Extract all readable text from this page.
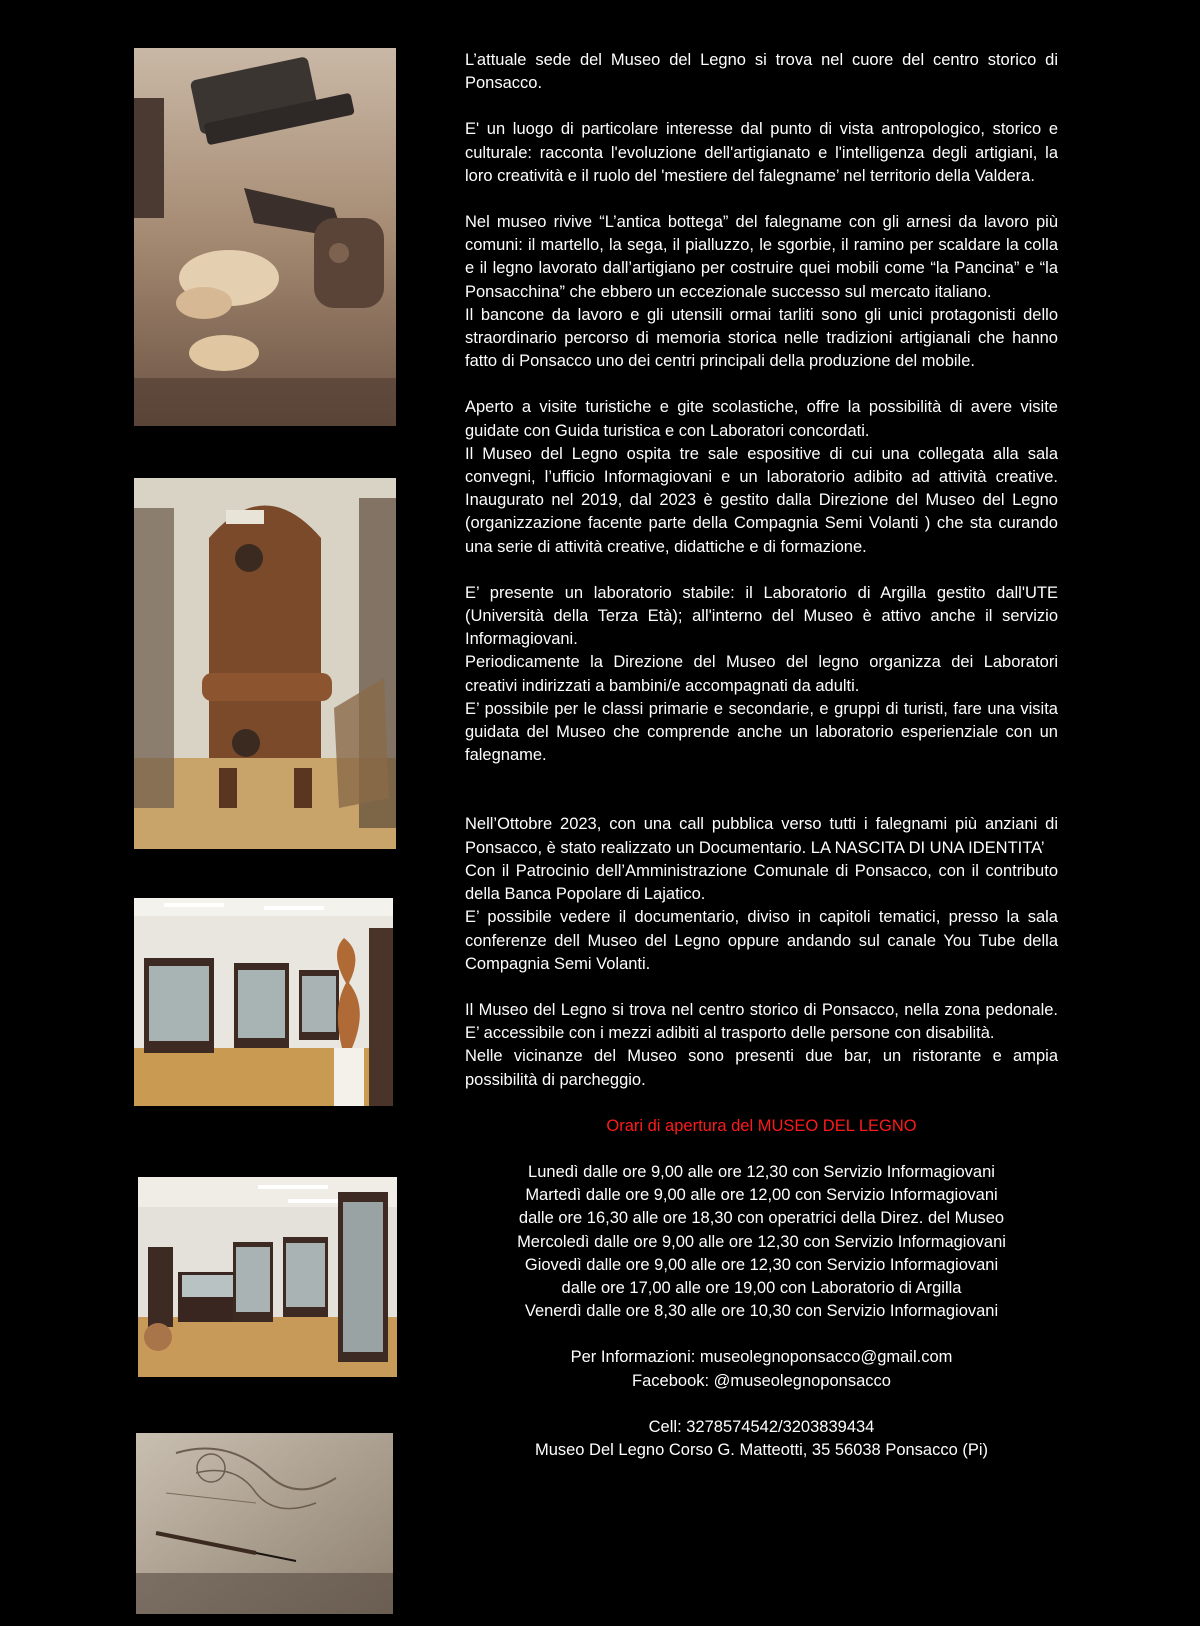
L’attuale sede del Museo del Legno si trova nel cuore del centro storico di Ponsacco.

E' un luogo di particolare interesse dal punto di vista antropologico, storico e culturale: racconta l'evoluzione dell'artigianato e l'intelligenza degli artigiani, la loro creatività e il ruolo del 'mestiere del falegname’ nel territorio della Valdera.

Nel museo rivive “L’antica bottega” del falegname con gli arnesi da lavoro più comuni: il martello, la sega, il pialluzzo, le sgorbie, il ramino per scaldare la colla e il legno lavorato dall’artigiano per costruire quei mobili come “la Pancina” e “la Ponsacchina” che ebbero un eccezionale successo sul mercato italiano.

Il bancone da lavoro e gli utensili ormai tarliti sono gli unici protagonisti dello straordinario percorso di memoria storica nelle tradizioni artigianali che hanno fatto di Ponsacco uno dei centri principali della produzione del mobile.

Aperto a visite turistiche e gite scolastiche, offre la possibilità di avere visite guidate con Guida turistica e con Laboratori concordati.

Il Museo del Legno ospita tre sale espositive di cui una collegata alla sala convegni, l’ufficio Informagiovani e un laboratorio adibito ad attività creative. Inaugurato nel 2019, dal 2023 è gestito dalla Direzione del Museo del Legno (organizzazione facente parte della Compagnia Semi Volanti ) che sta curando una serie di attività creative, didattiche e di formazione.

E’ presente un laboratorio stabile: il Laboratorio di Argilla gestito dall'UTE (Università della Terza Età); all'interno del Museo è attivo anche il servizio Informagiovani.

Periodicamente la Direzione del Museo del legno organizza dei Laboratori creativi indirizzati a bambini/e accompagnati da adulti.

E’ possibile per le classi primarie e secondarie, e gruppi di turisti, fare una visita guidata del Museo che comprende anche un laboratorio esperienziale con un falegname.

Nell’Ottobre 2023, con una call pubblica verso tutti i falegnami più anziani di Ponsacco, è stato realizzato un Documentario. LA NASCITA DI UNA IDENTITA’

Con il Patrocinio dell’Amministrazione Comunale di Ponsacco, con il contributo della Banca Popolare di Lajatico.

E’ possibile vedere il documentario, diviso in capitoli tematici, presso la sala conferenze dell Museo del Legno oppure andando sul canale You Tube della Compagnia Semi Volanti.

Il Museo del Legno si trova nel centro storico di Ponsacco, nella zona pedonale. E’ accessibile con i mezzi adibiti al trasporto delle persone con disabilità.

Nelle vicinanze del Museo sono presenti due bar, un ristorante e ampia possibilità di parcheggio.

Orari di apertura del MUSEO DEL LEGNO

Lunedì dalle ore 9,00 alle ore 12,30 con Servizio Informagiovani

Martedì dalle ore 9,00 alle ore 12,00 con Servizio Informagiovani

dalle ore 16,30 alle ore 18,30 con operatrici della Direz. del Museo

Mercoledì dalle ore 9,00 alle ore 12,30 con Servizio Informagiovani

Giovedì dalle ore 9,00 alle ore 12,30 con Servizio Informagiovani

dalle ore 17,00 alle ore 19,00 con Laboratorio di Argilla

Venerdì dalle ore 8,30 alle ore 10,30 con Servizio Informagiovani

Per Informazioni: museolegnoponsacco@gmail.com

Facebook: @museolegnoponsacco

Cell: 3278574542/3203839434

Museo Del Legno Corso G. Matteotti, 35 56038 Ponsacco (Pi)
